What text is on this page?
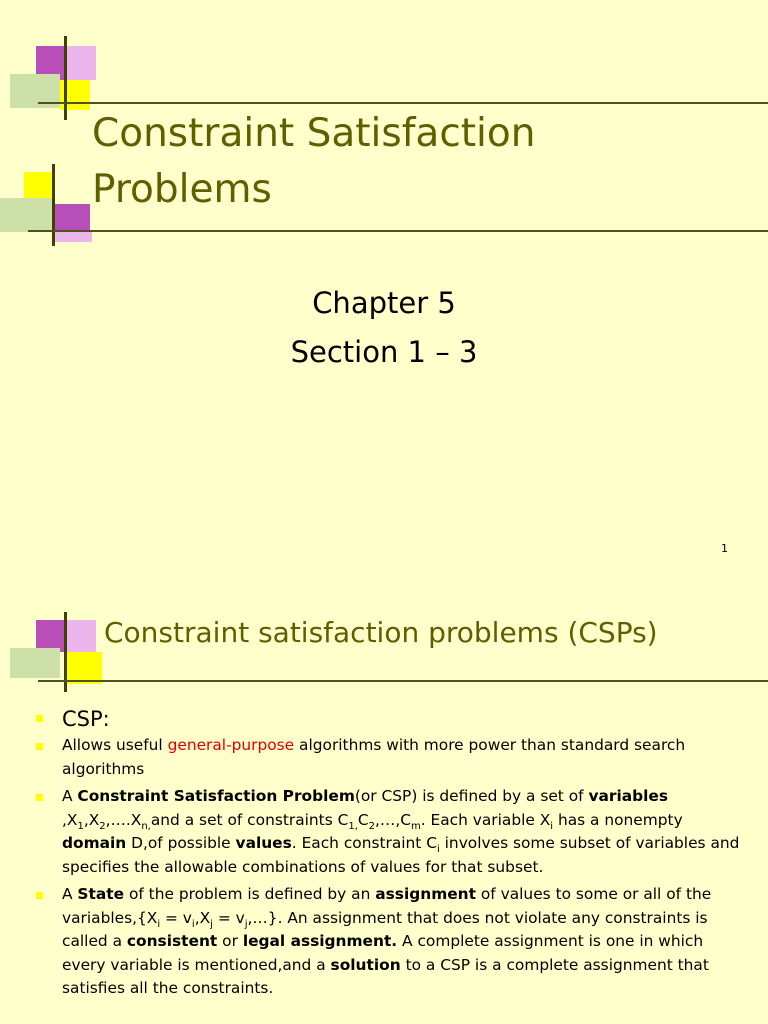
Constraint Satisfaction
Problems
Chapter 5
Section 1 – 3
1
Constraint satisfaction problems (CSPs)
CSP:
Allows useful general-purpose algorithms with more power than standard search algorithms
A Constraint Satisfaction Problem(or CSP) is defined by a set of variables $,X_1,X_2,\dots.X_{n,}and$ a set of constraints $C_{1,}C_2,\dots,C_m$. Each variable $X_i$ has a nonempty domain D,of possible values. Each constraint $C_i$ involves some subset of variables and specifies the allowable combinations of values for that subset.
A State of the problem is defined by an assignment of values to some or all of the $variables,\{X_i = v_i,X_j$ = $v_j,\dots$}. An assignment that does not violate any constraints is called a consistent or legal assignment. A complete assignment is one in which every variable is mentioned,and a solution to a CSP is a complete assignment that satisfies all the constraints.
